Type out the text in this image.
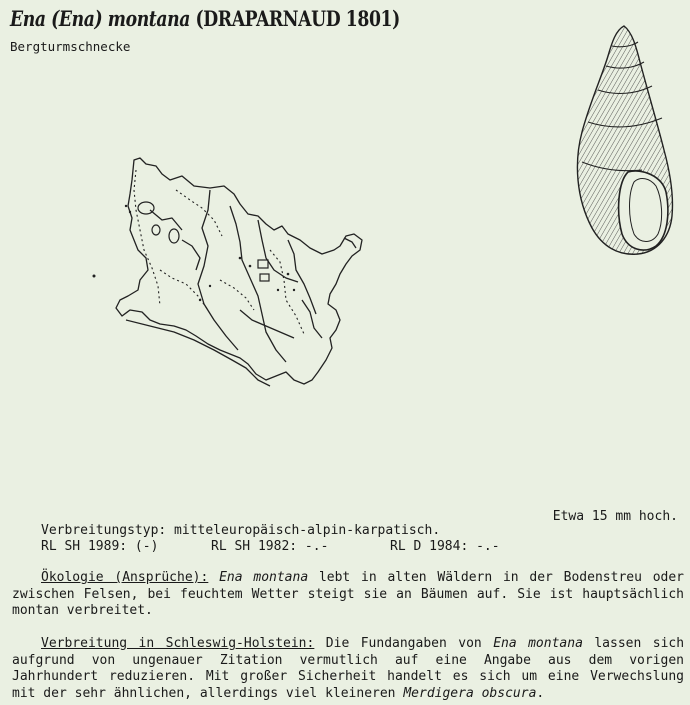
Ena (Ena) montana (DRAPARNAUD 1801)
Bergturmschnecke
Etwa 15 mm hoch.
Verbreitungstyp: mitteleuropäisch-alpin-karpatisch.
RL SH 1989: (-)	RL SH 1982: -.-	RL D 1984: -.-
Ökologie (Ansprüche): Ena montana lebt in alten Wäldern in der Bodenstreu oder zwischen Felsen, bei feuchtem Wetter steigt sie an Bäumen auf. Sie ist hauptsächlich montan verbreitet.
Verbreitung in Schleswig-Holstein: Die Fundangaben von Ena montana lassen sich aufgrund von ungenauer Zitation vermutlich auf eine Angabe aus dem vorigen Jahrhundert reduzieren. Mit großer Sicherheit handelt es sich um eine Verwechslung mit der sehr ähnlichen, allerdings viel kleineren Merdigera obscura.
